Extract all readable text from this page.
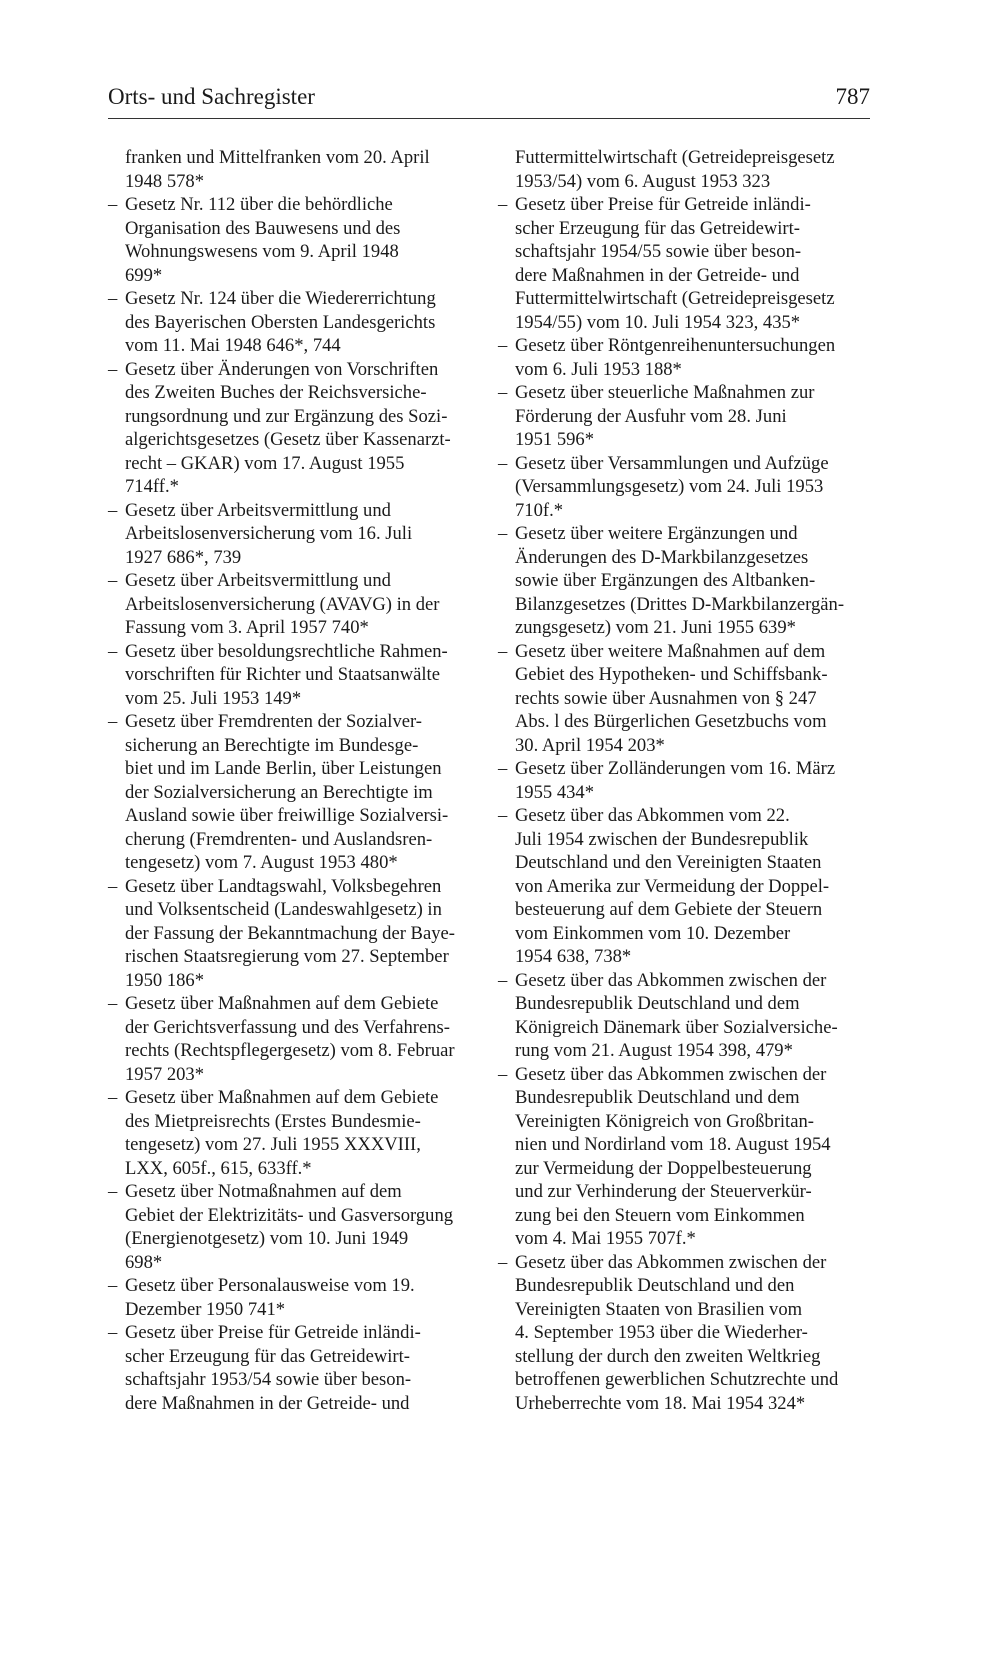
Orts- und Sachregister	787
franken und Mittelfranken vom 20. April
1948 578*
– Gesetz Nr. 112 über die behördliche
Organisation des Bauwesens und des
Wohnungswesens vom 9. April 1948
699*
– Gesetz Nr. 124 über die Wiedererrichtung
des Bayerischen Obersten Landesgerichts
vom 11. Mai 1948 646*, 744
– Gesetz über Änderungen von Vorschriften
des Zweiten Buches der Reichsversiche-
rungsordnung und zur Ergänzung des Sozi-
algerichtsgesetzes (Gesetz über Kassenarzt-
recht – GKAR) vom 17. August 1955
714ff.*
– Gesetz über Arbeitsvermittlung und
Arbeitslosenversicherung vom 16. Juli
1927 686*, 739
– Gesetz über Arbeitsvermittlung und
Arbeitslosenversicherung (AVAVG) in der
Fassung vom 3. April 1957 740*
– Gesetz über besoldungsrechtliche Rahmen-
vorschriften für Richter und Staatsanwälte
vom 25. Juli 1953 149*
– Gesetz über Fremdrenten der Sozialver-
sicherung an Berechtigte im Bundesge-
biet und im Lande Berlin, über Leistungen
der Sozialversicherung an Berechtigte im
Ausland sowie über freiwillige Sozialversi-
cherung (Fremdrenten- und Auslandsren-
tengesetz) vom 7. August 1953 480*
– Gesetz über Landtagswahl, Volksbegehren
und Volksentscheid (Landeswahlgesetz) in
der Fassung der Bekanntmachung der Baye-
rischen Staatsregierung vom 27. September
1950 186*
– Gesetz über Maßnahmen auf dem Gebiete
der Gerichtsverfassung und des Verfahrens-
rechts (Rechtspflegergesetz) vom 8. Februar
1957 203*
– Gesetz über Maßnahmen auf dem Gebiete
des Mietpreisrechts (Erstes Bundesmie-
tengesetz) vom 27. Juli 1955 XXXVIII,
LXX, 605f., 615, 633ff.*
– Gesetz über Notmaßnahmen auf dem
Gebiet der Elektrizitäts- und Gasversorgung
(Energienotgesetz) vom 10. Juni 1949
698*
– Gesetz über Personalausweise vom 19.
Dezember 1950 741*
– Gesetz über Preise für Getreide inländi-
scher Erzeugung für das Getreidewirt-
schaftsjahr 1953/54 sowie über beson-
dere Maßnahmen in der Getreide- und
Futtermittelwirtschaft (Getreidepreisgesetz
1953/54) vom 6. August 1953 323
– Gesetz über Preise für Getreide inländi-
scher Erzeugung für das Getreidewirt-
schaftsjahr 1954/55 sowie über beson-
dere Maßnahmen in der Getreide- und
Futtermittelwirtschaft (Getreidepreisgesetz
1954/55) vom 10. Juli 1954 323, 435*
– Gesetz über Röntgenreihenuntersuchungen
vom 6. Juli 1953 188*
– Gesetz über steuerliche Maßnahmen zur
Förderung der Ausfuhr vom 28. Juni
1951 596*
– Gesetz über Versammlungen und Aufzüge
(Versammlungsgesetz) vom 24. Juli 1953
710f.*
– Gesetz über weitere Ergänzungen und
Änderungen des D-Markbilanzgesetzes
sowie über Ergänzungen des Altbanken-
Bilanzgesetzes (Drittes D-Markbilanzergän-
zungsgesetz) vom 21. Juni 1955 639*
– Gesetz über weitere Maßnahmen auf dem
Gebiet des Hypotheken- und Schiffsbank-
rechts sowie über Ausnahmen von § 247
Abs. l des Bürgerlichen Gesetzbuchs vom
30. April 1954 203*
– Gesetz über Zolländerungen vom 16. März
1955 434*
– Gesetz über das Abkommen vom 22.
Juli 1954 zwischen der Bundesrepublik
Deutschland und den Vereinigten Staaten
von Amerika zur Vermeidung der Doppel-
besteuerung auf dem Gebiete der Steuern
vom Einkommen vom 10. Dezember
1954 638, 738*
– Gesetz über das Abkommen zwischen der
Bundesrepublik Deutschland und dem
Königreich Dänemark über Sozialversiche-
rung vom 21. August 1954 398, 479*
– Gesetz über das Abkommen zwischen der
Bundesrepublik Deutschland und dem
Vereinigten Königreich von Großbritan-
nien und Nordirland vom 18. August 1954
zur Vermeidung der Doppelbesteuerung
und zur Verhinderung der Steuerverkür-
zung bei den Steuern vom Einkommen
vom 4. Mai 1955 707f.*
– Gesetz über das Abkommen zwischen der
Bundesrepublik Deutschland und den
Vereinigten Staaten von Brasilien vom
4. September 1953 über die Wiederher-
stellung der durch den zweiten Weltkrieg
betroffenen gewerblichen Schutzrechte und
Urheberrechte vom 18. Mai 1954 324*
